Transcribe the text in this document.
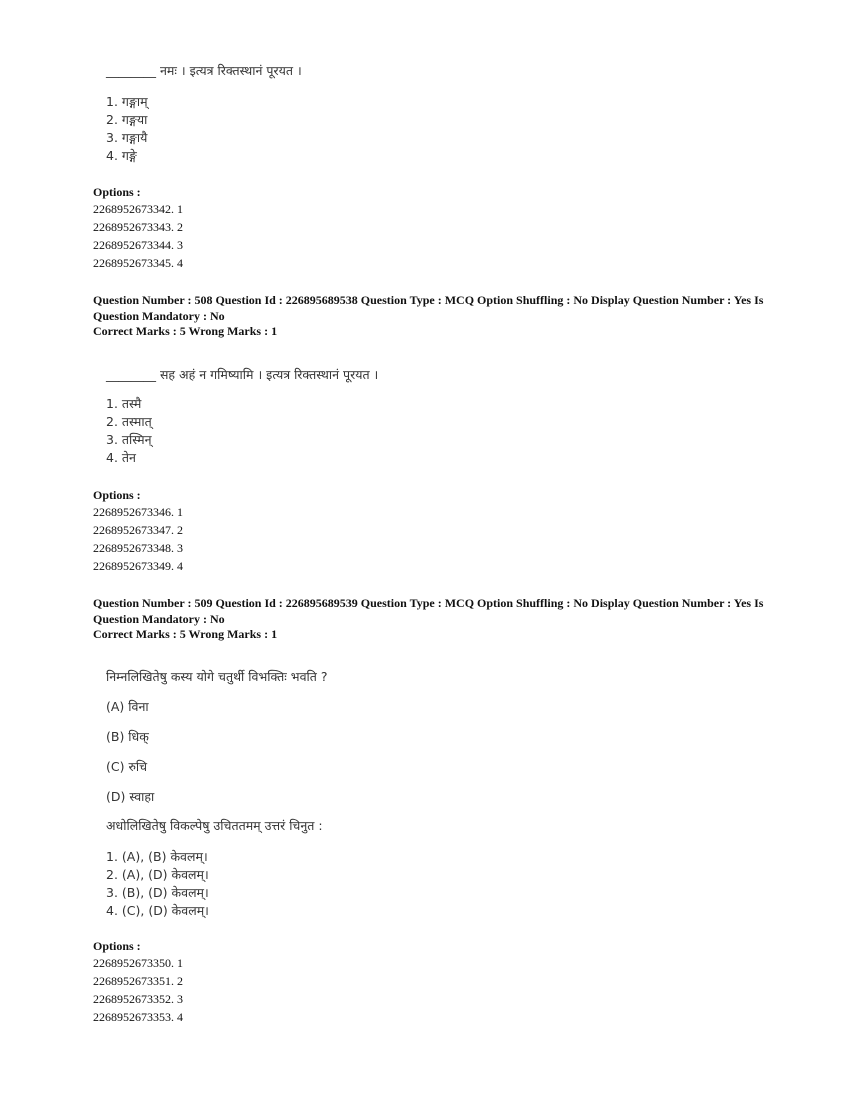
________ नमः । इत्यत्र रिक्तस्थानं पूरयत ।
1. गङ्गाम्
2. गङ्गया
3. गङ्गायै
4. गङ्गे
Options :
2268952673342. 1
2268952673343. 2
2268952673344. 3
2268952673345. 4
Question Number : 508 Question Id : 226895689538 Question Type : MCQ Option Shuffling : No Display Question Number : Yes Is
Question Mandatory : No
Correct Marks : 5 Wrong Marks : 1
________ सह अहं न गमिष्यामि । इत्यत्र रिक्तस्थानं पूरयत ।
1. तस्मै
2. तस्मात्
3. तस्मिन्
4. तेन
Options :
2268952673346. 1
2268952673347. 2
2268952673348. 3
2268952673349. 4
Question Number : 509 Question Id : 226895689539 Question Type : MCQ Option Shuffling : No Display Question Number : Yes Is
Question Mandatory : No
Correct Marks : 5 Wrong Marks : 1
निम्नलिखितेषु कस्य योगे चतुर्थी विभक्तिः भवति ?
(A) विना
(B) धिक्
(C) रुचि
(D) स्वाहा
अधोलिखितेषु विकल्पेषु उचिततमम् उत्तरं चिनुत :
1. (A), (B) केवलम्।
2. (A), (D) केवलम्।
3. (B), (D) केवलम्।
4. (C), (D) केवलम्।
Options :
2268952673350. 1
2268952673351. 2
2268952673352. 3
2268952673353. 4
